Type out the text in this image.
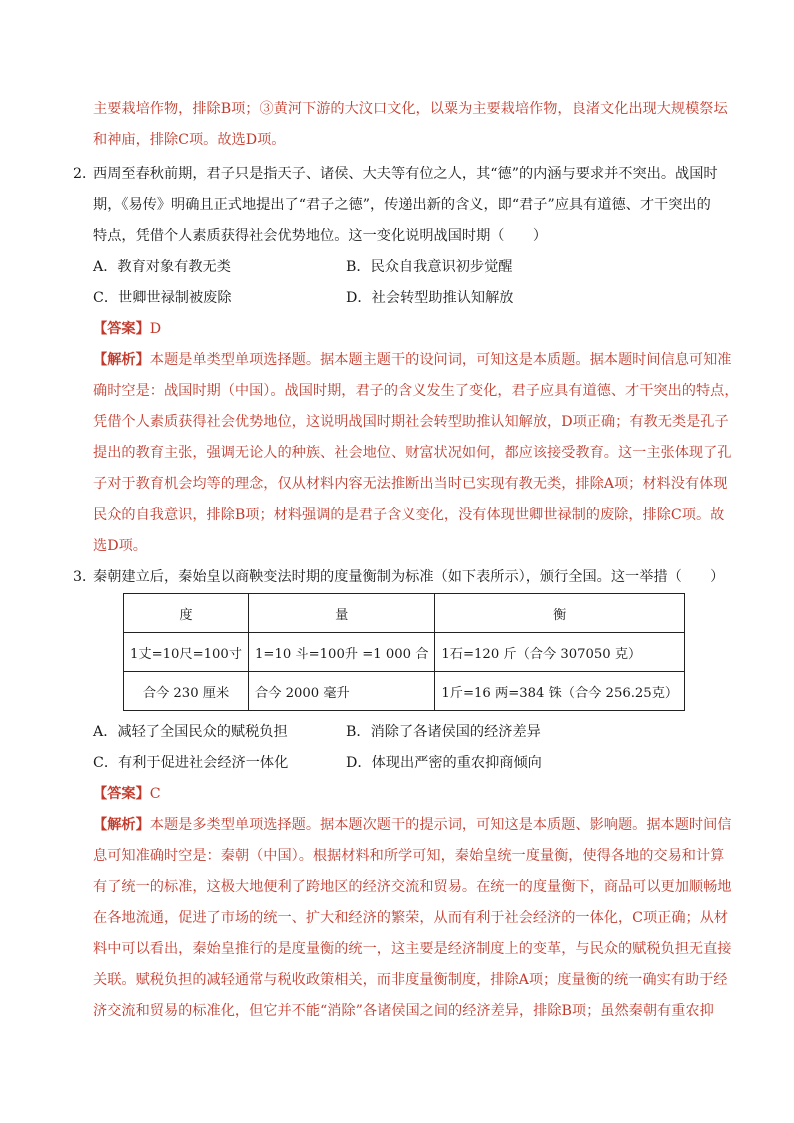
主要栽培作物，排除B项；③黄河下游的大汶口文化，以粟为主要栽培作物，良渚文化出现大规模祭坛
和神庙，排除C项。故选D项。
2．
西周至春秋前期，君子只是指天子、诸侯、大夫等有位之人，其“德”的内涵与要求并不突出。战国时
期，《易传》明确且正式地提出了“君子之德”，传递出新的含义，即“君子”应具有道德、才干突出的
特点，凭借个人素质获得社会优势地位。这一变化说明战国时期（　　）
A．教育对象有教无类	B．民众自我意识初步觉醒
C．世卿世禄制被废除	D．社会转型助推认知解放
【答案】D
【解析】本题是单类型单项选择题。据本题主题干的设问词，可知这是本质题。据本题时间信息可知准
确时空是：战国时期（中国）。战国时期，君子的含义发生了变化，君子应具有道德、才干突出的特点，
凭借个人素质获得社会优势地位，这说明战国时期社会转型助推认知解放，D项正确；有教无类是孔子
提出的教育主张，强调无论人的种族、社会地位、财富状况如何，都应该接受教育。这一主张体现了孔
子对于教育机会均等的理念，仅从材料内容无法推断出当时已实现有教无类，排除A项；材料没有体现
民众的自我意识，排除B项；材料强调的是君子含义变化，没有体现世卿世禄制的废除，排除C项。故
选D项。
3．
秦朝建立后，秦始皇以商鞅变法时期的度量衡制为标准（如下表所示），颁行全国。这一举措（　　）
度	量	衡
1丈=10尺=100寸	1=10 斗=100升 =1 000 合	1石=120 斤（合今 307050 克）
合今 230 厘米	合今 2000 毫升	1斤=16 两=384 铢（合今 256.25克）
A．减轻了全国民众的赋税负担	B．消除了各诸侯国的经济差异
C．有利于促进社会经济一体化	D．体现出严密的重农抑商倾向
【答案】C
【解析】本题是多类型单项选择题。据本题次题干的提示词，可知这是本质题、影响题。据本题时间信
息可知准确时空是：秦朝（中国）。根据材料和所学可知，秦始皇统一度量衡，使得各地的交易和计算
有了统一的标准，这极大地便利了跨地区的经济交流和贸易。在统一的度量衡下，商品可以更加顺畅地
在各地流通，促进了市场的统一、扩大和经济的繁荣，从而有利于社会经济的一体化，C项正确；从材
料中可以看出，秦始皇推行的是度量衡的统一，这主要是经济制度上的变革，与民众的赋税负担无直接
关联。赋税负担的减轻通常与税收政策相关，而非度量衡制度，排除A项；度量衡的统一确实有助于经
济交流和贸易的标准化，但它并不能“消除”各诸侯国之间的经济差异，排除B项；虽然秦朝有重农抑
